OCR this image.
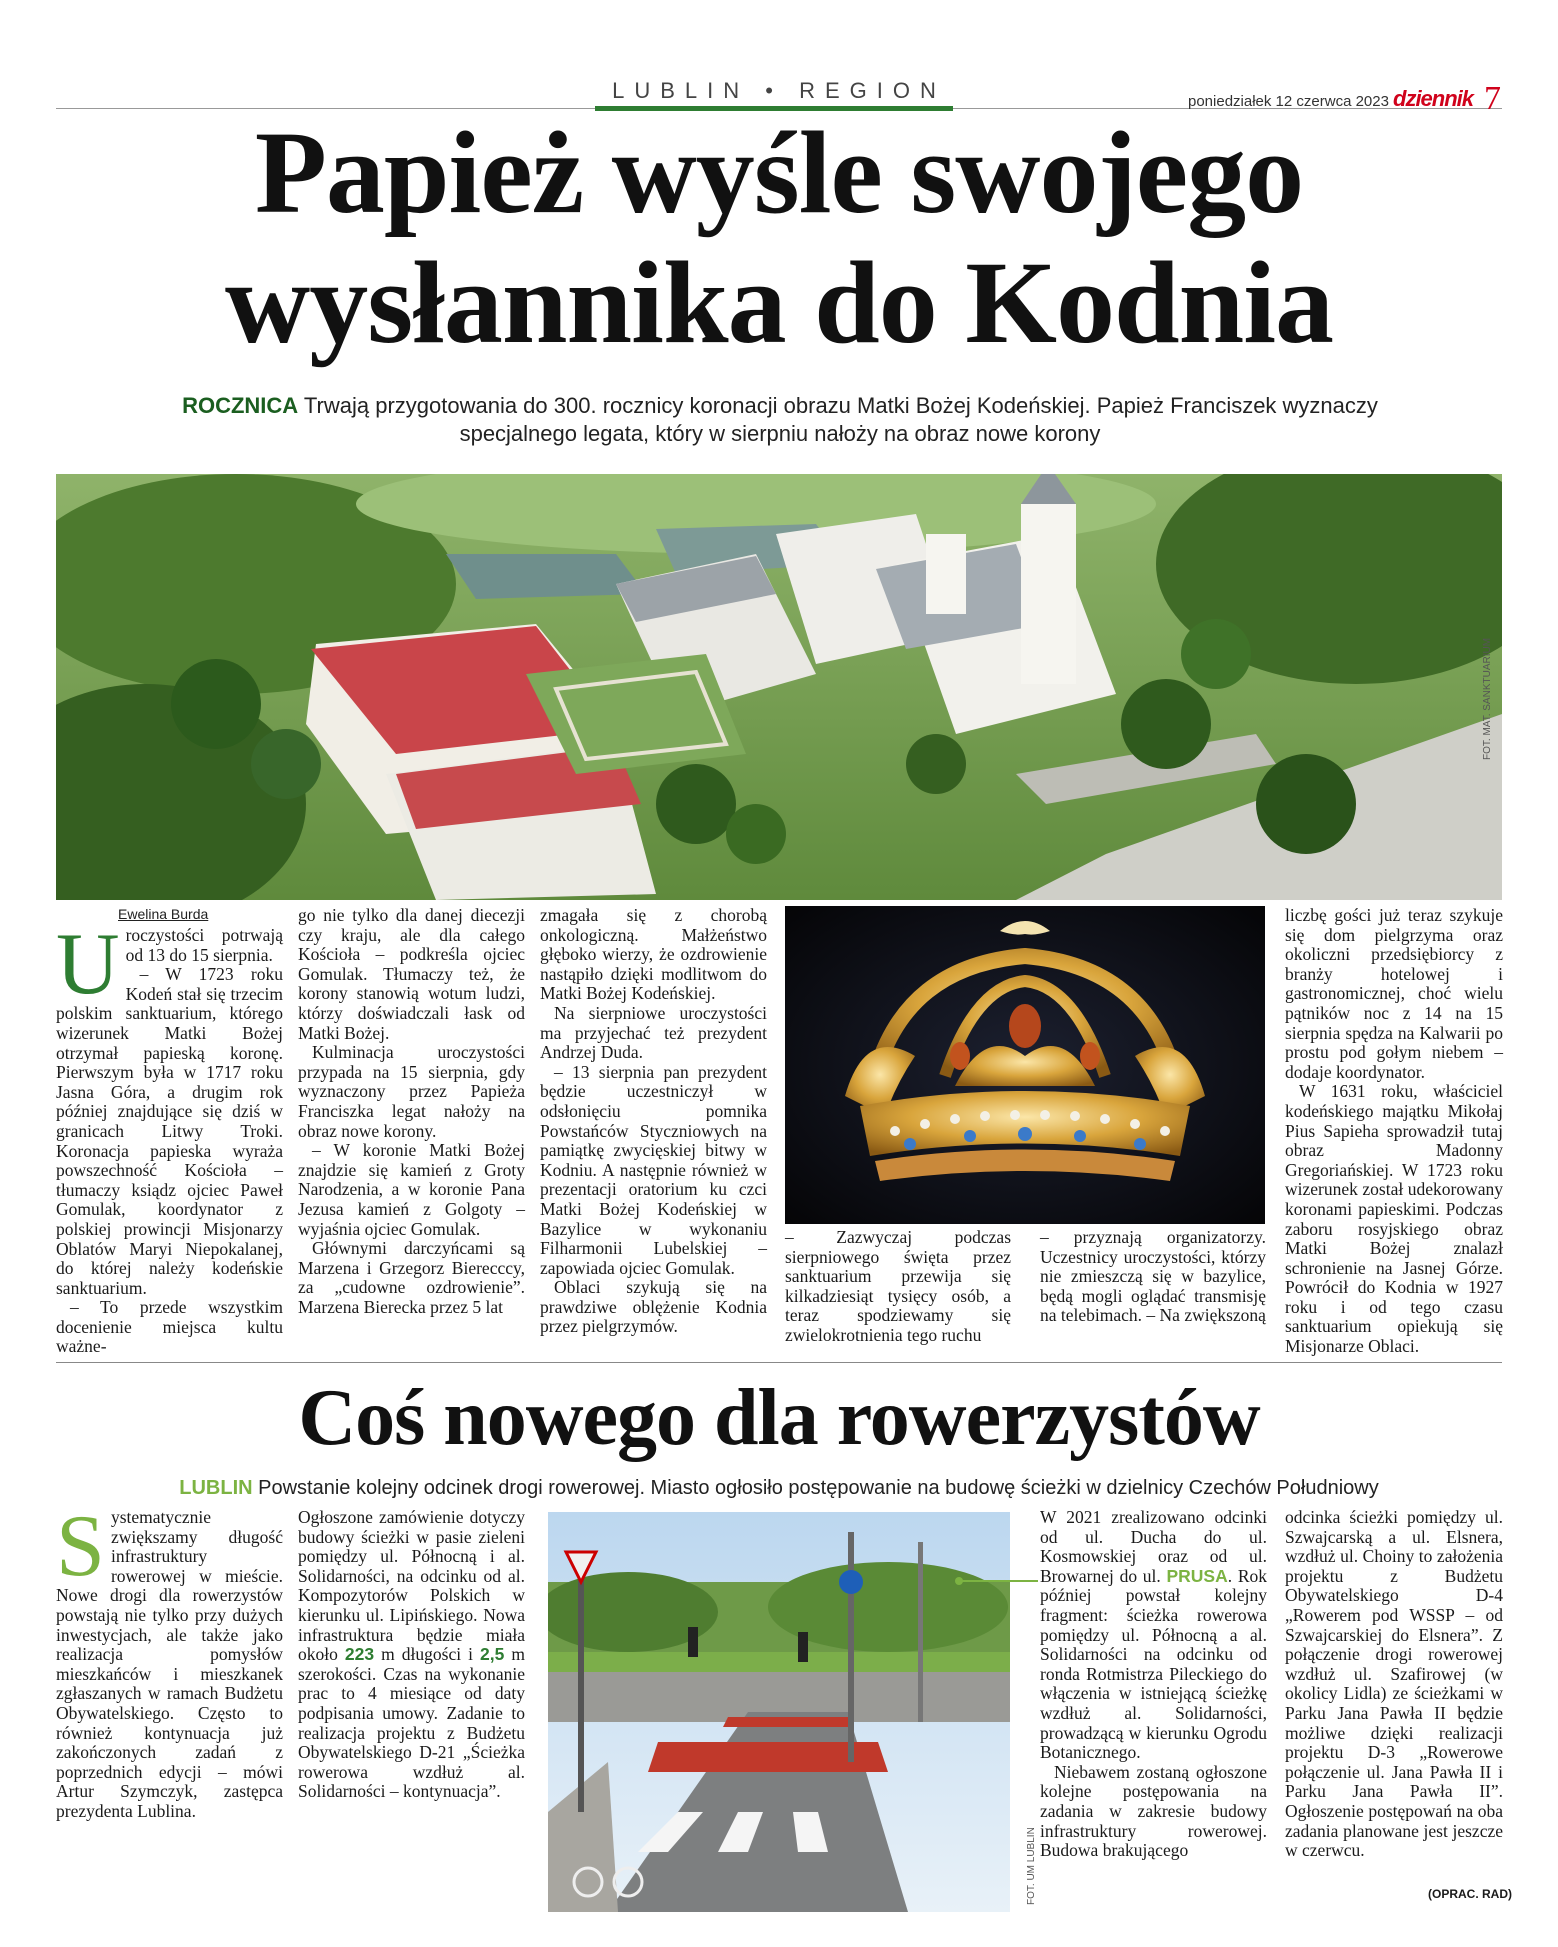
LUBLIN • REGION	poniedziałek 12 czerwca 2023 dziennik 7
Papież wyśle swojego
wysłannika do Kodnia
ROCZNICA Trwają przygotowania do 300. rocznicy koronacji obrazu Matki Bożej Kodeńskiej. Papież Franciszek wyznaczy
specjalnego legata, który w sierpniu nałoży na obraz nowe korony
FOT. MAT. SANKTUARIUM
Ewelina Burda
U roczystości potrwają od 13 do 15 sierpnia.

– W 1723 roku Kodeń stał się trzecim polskim sanktuarium, którego wizerunek Matki Bożej otrzymał papieską koronę. Pierwszym była w 1717 roku Jasna Góra, a drugim rok później znajdujące się dziś w granicach Litwy Troki. Koronacja papieska wyraża powszechność Kościoła – tłumaczy ksiądz ojciec Paweł Gomulak, koordynator z polskiej prowincji Misjonarzy Oblatów Maryi Niepokalanej, do której należy kodeńskie sanktuarium.

– To przede wszystkim docenienie miejsca kultu ważne-

go nie tylko dla danej diecezji czy kraju, ale dla całego Kościoła – podkreśla ojciec Gomulak. Tłumaczy też, że korony stanowią wotum ludzi, którzy doświadczali łask od Matki Bożej.

Kulminacja uroczystości przypada na 15 sierpnia, gdy wyznaczony przez Papieża Franciszka legat nałoży na obraz nowe korony.

– W koronie Matki Bożej znajdzie się kamień z Groty Narodzenia, a w koronie Pana Jezusa kamień z Golgoty – wyjaśnia ojciec Gomulak.

Głównymi darczyńcami są Marzena i Grzegorz Bierecccy, za „cudowne ozdrowienie”. Marzena Bierecka przez 5 lat

zmagała się z chorobą onkologiczną. Małżeństwo głęboko wierzy, że ozdrowienie nastąpiło dzięki modlitwom do Matki Bożej Kodeńskiej.

Na sierpniowe uroczystości ma przyjechać też prezydent Andrzej Duda.

– 13 sierpnia pan prezydent będzie uczestniczył w odsłonięciu pomnika Powstańców Styczniowych na pamiątkę zwycięskiej bitwy w Kodniu. A następnie również w prezentacji oratorium ku czci Matki Bożej Kodeńskiej w Bazylice w wykonaniu Filharmonii Lubelskiej – zapowiada ojciec Gomulak.

Oblaci szykują się na prawdziwe oblężenie Kodnia przez pielgrzymów.

– Zazwyczaj podczas sierpniowego święta przez sanktuarium przewija się kilkadziesiąt tysięcy osób, a teraz spodziewamy się zwielokrotnienia tego ruchu

– przyznają organizatorzy. Uczestnicy uroczystości, którzy nie zmieszczą się w bazylice, będą mogli oglądać transmisję na telebimach. – Na zwiększoną

liczbę gości już teraz szykuje się dom pielgrzyma oraz okoliczni przedsiębiorcy z branży hotelowej i gastronomicznej, choć wielu pątników noc z 14 na 15 sierpnia spędza na Kalwarii po prostu pod gołym niebem – dodaje koordynator.

W 1631 roku, właściciel kodeńskiego majątku Mikołaj Pius Sapieha sprowadził tutaj obraz Madonny Gregoriańskiej. W 1723 roku wizerunek został udekorowany koronami papieskimi. Podczas zaboru rosyjskiego obraz Matki Bożej znalazł schronienie na Jasnej Górze. Powrócił do Kodnia w 1927 roku i od tego czasu sanktuarium opiekują się Misjonarze Oblaci.

Coś nowego dla rowerzystów
LUBLIN Powstanie kolejny odcinek drogi rowerowej. Miasto ogłosiło postępowanie na budowę ścieżki w dzielnicy Czechów Południowy
S ystematycznie zwiększamy długość infrastruktury rowerowej w mieście. Nowe drogi dla rowerzystów powstają nie tylko przy dużych inwestycjach, ale także jako realizacja pomysłów mieszkańców i mieszkanek zgłaszanych w ramach Budżetu Obywatelskiego. Często to również kontynuacja już zakończonych zadań z poprzednich edycji – mówi Artur Szymczyk, zastępca prezydenta Lublina.

Ogłoszone zamówienie dotyczy budowy ścieżki w pasie zieleni pomiędzy ul. Północną i al. Solidarności, na odcinku od al. Kompozytorów Polskich w kierunku ul. Lipińskiego. Nowa infrastruktura będzie miała około 223 m długości i 2,5 m szerokości. Czas na wykonanie prac to 4 miesiące od daty podpisania umowy. Zadanie to realizacja projektu z Budżetu Obywatelskiego D-21 „Ścieżka rowerowa wzdłuż al. Solidarności – kontynuacja”.

FOT. UM LUBLIN

W 2021 zrealizowano odcinki od ul. Ducha do ul. Kosmowskiej oraz od ul. Browarnej do ul. PRUSA. Rok później powstał kolejny fragment: ścieżka rowerowa pomiędzy ul. Północną a al. Solidarności na odcinku od ronda Rotmistrza Pileckiego do włączenia w istniejącą ścieżkę wzdłuż al. Solidarności, prowadzącą w kierunku Ogrodu Botanicznego.

Niebawem zostaną ogłoszone kolejne postępowania na zadania w zakresie budowy infrastruktury rowerowej. Budowa brakującego

odcinka ścieżki pomiędzy ul. Szwajcarską a ul. Elsnera, wzdłuż ul. Choiny to założenia projektu z Budżetu Obywatelskiego D-4 „Rowerem pod WSSP – od Szwajcarskiej do Elsnera”. Z połączenie drogi rowerowej wzdłuż ul. Szafirowej (w okolicy Lidla) ze ścieżkami w Parku Jana Pawła II będzie możliwe dzięki realizacji projektu D-3 „Rowerowe połączenie ul. Jana Pawła II i Parku Jana Pawła II”. Ogłoszenie postępowań na oba zadania planowane jest jeszcze w czerwcu.

(OPRAC. RAD)
